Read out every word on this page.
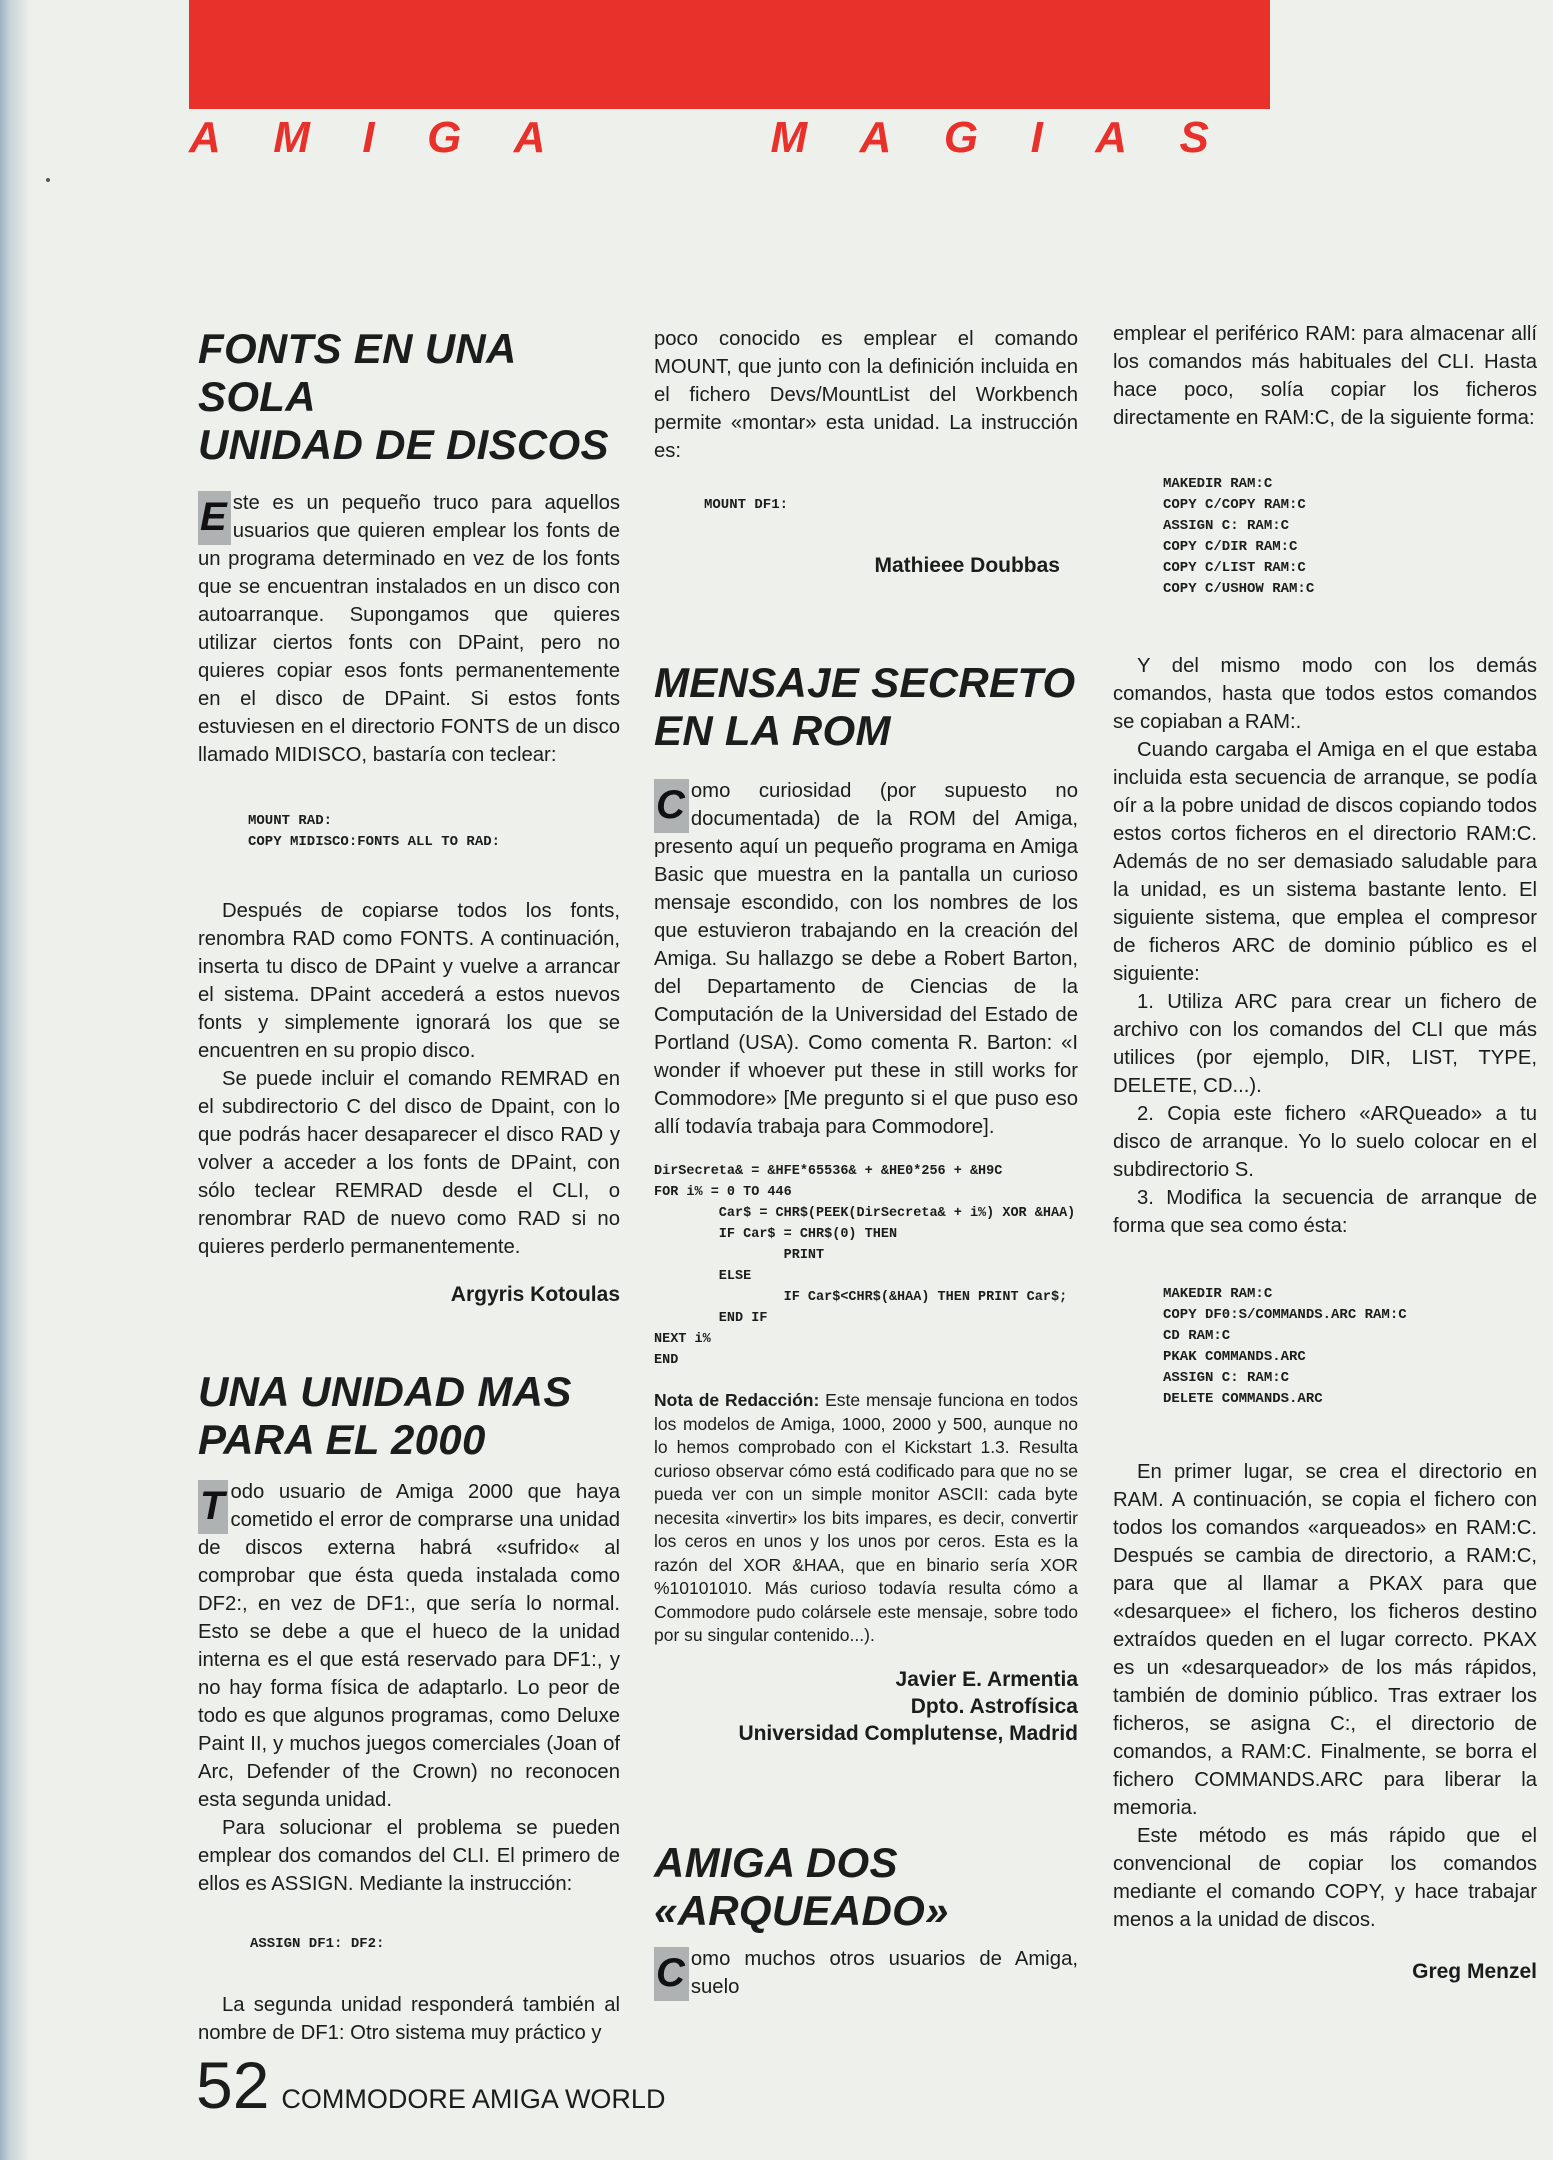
A M I G A	M A G I A S
FONTS EN UNA SOLA
UNIDAD DE DISCOS

E ste es un pequeño truco para aquellos usuarios que quieren emplear los fonts de un programa determinado en vez de los fonts que se encuentran instalados en un disco con autoarranque. Supongamos que quieres utilizar ciertos fonts con DPaint, pero no quieres copiar esos fonts permanentemente en el disco de DPaint. Si estos fonts estuviesen en el directorio FONTS de un disco llamado MIDISCO, bastaría con teclear:

MOUNT RAD:
COPY MIDISCO:FONTS ALL TO RAD:

Después de copiarse todos los fonts, renombra RAD como FONTS. A continuación, inserta tu disco de DPaint y vuelve a arrancar el sistema. DPaint accederá a estos nuevos fonts y simplemente ignorará los que se encuentren en su propio disco.

Se puede incluir el comando REMRAD en el subdirectorio C del disco de Dpaint, con lo que podrás hacer desaparecer el disco RAD y volver a acceder a los fonts de DPaint, con sólo teclear REMRAD desde el CLI, o renombrar RAD de nuevo como RAD si no quieres perderlo permanentemente.

Argyris Kotoulas
UNA UNIDAD MAS
PARA EL 2000

T odo usuario de Amiga 2000 que haya cometido el error de comprarse una unidad de discos externa habrá «sufrido« al comprobar que ésta queda instalada como DF2:, en vez de DF1:, que sería lo normal. Esto se debe a que el hueco de la unidad interna es el que está reservado para DF1:, y no hay forma física de adaptarlo. Lo peor de todo es que algunos programas, como Deluxe Paint II, y muchos juegos comerciales (Joan of Arc, Defender of the Crown) no reconocen esta segunda unidad.

Para solucionar el problema se pueden emplear dos comandos del CLI. El primero de ellos es ASSIGN. Mediante la instrucción:

ASSIGN DF1: DF2:

La segunda unidad responderá también al nombre de DF1: Otro sistema muy práctico y

poco conocido es emplear el comando MOUNT, que junto con la definición incluida en el fichero Devs/MountList del Workbench permite «montar» esta unidad. La instrucción es:

MOUNT DF1:
Mathieee Doubbas
MENSAJE SECRETO
EN LA ROM

C omo curiosidad (por supuesto no documentada) de la ROM del Amiga, presento aquí un pequeño programa en Amiga Basic que muestra en la pantalla un curioso mensaje escondido, con los nombres de los que estuvieron trabajando en la creación del Amiga. Su hallazgo se debe a Robert Barton, del Departamento de Ciencias de la Computación de la Universidad del Estado de Portland (USA). Como comenta R. Barton: «I wonder if whoever put these in still works for Commodore» [Me pregunto si el que puso eso allí todavía trabaja para Commodore].

DirSecreta& = &HFE*65536& + &HE0*256 + &H9C
FOR i% = 0 TO 446
Car$ = CHR$(PEEK(DirSecreta& + i%) XOR &HAA)
IF Car$ = CHR$(0) THEN
PRINT
ELSE
IF Car$<CHR$(&HAA) THEN PRINT Car$;
END IF
NEXT i%
END

Nota de Redacción: Este mensaje funciona en todos los modelos de Amiga, 1000, 2000 y 500, aunque no lo hemos comprobado con el Kickstart 1.3. Resulta curioso observar cómo está codificado para que no se pueda ver con un simple monitor ASCII: cada byte necesita «invertir» los bits impares, es decir, convertir los ceros en unos y los unos por ceros. Esta es la razón del XOR &HAA, que en binario sería XOR %10101010. Más curioso todavía resulta cómo a Commodore pudo colársele este mensaje, sobre todo por su singular contenido...).

Javier E. Armentia
Dpto. Astrofísica
Universidad Complutense, Madrid
AMIGA DOS
«ARQUEADO»

C omo muchos otros usuarios de Amiga, suelo

emplear el periférico RAM: para almacenar allí los comandos más habituales del CLI. Hasta hace poco, solía copiar los ficheros directamente en RAM:C, de la siguiente forma:

MAKEDIR RAM:C
COPY C/COPY RAM:C
ASSIGN C: RAM:C
COPY C/DIR RAM:C
COPY C/LIST RAM:C
COPY C/USHOW RAM:C

Y del mismo modo con los demás comandos, hasta que todos estos comandos se copiaban a RAM:.

Cuando cargaba el Amiga en el que estaba incluida esta secuencia de arranque, se podía oír a la pobre unidad de discos copiando todos estos cortos ficheros en el directorio RAM:C. Además de no ser demasiado saludable para la unidad, es un sistema bastante lento. El siguiente sistema, que emplea el compresor de ficheros ARC de dominio público es el siguiente:

1. Utiliza ARC para crear un fichero de archivo con los comandos del CLI que más utilices (por ejemplo, DIR, LIST, TYPE, DELETE, CD...).

2. Copia este fichero «ARQueado» a tu disco de arranque. Yo lo suelo colocar en el subdirectorio S.

3. Modifica la secuencia de arranque de forma que sea como ésta:

MAKEDIR RAM:C
COPY DF0:S/COMMANDS.ARC RAM:C
CD RAM:C
PKAK COMMANDS.ARC
ASSIGN C: RAM:C
DELETE COMMANDS.ARC

En primer lugar, se crea el directorio en RAM. A continuación, se copia el fichero con todos los comandos «arqueados» en RAM:C. Después se cambia de directorio, a RAM:C, para que al llamar a PKAX para que «desarquee» el fichero, los ficheros destino extraídos queden en el lugar correcto. PKAX es un «desarqueador» de los más rápidos, también de dominio público. Tras extraer los ficheros, se asigna C:, el directorio de comandos, a RAM:C. Finalmente, se borra el fichero COMMANDS.ARC para liberar la memoria.

Este método es más rápido que el convencional de copiar los comandos mediante el comando COPY, y hace trabajar menos a la unidad de discos.

Greg Menzel
52 COMMODORE AMIGA WORLD
